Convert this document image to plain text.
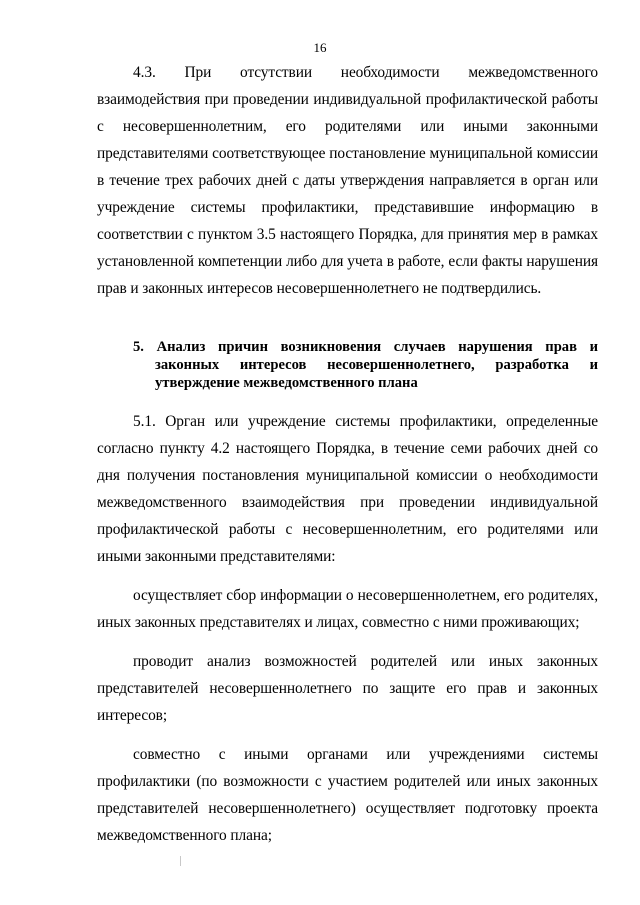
16

4.3. При отсутствии необходимости межведомственного взаимодействия при проведении индивидуальной профилактической работы с несовершеннолетним, его родителями или иными законными представителями соответствующее постановление муниципальной комиссии в течение трех рабочих дней с даты утверждения направляется в орган или учреждение системы профилактики, представившие информацию в соответствии с пунктом 3.5 настоящего Порядка, для принятия мер в рамках установленной компетенции либо для учета в работе, если факты нарушения прав и законных интересов несовершеннолетнего не подтвердились.

5. Анализ причин возникновения случаев нарушения прав и законных интересов несовершеннолетнего, разработка и утверждение межведомственного плана

5.1. Орган или учреждение системы профилактики, определенные согласно пункту 4.2 настоящего Порядка, в течение семи рабочих дней со дня получения постановления муниципальной комиссии о необходимости межведомственного взаимодействия при проведении индивидуальной профилактической работы с несовершеннолетним, его родителями или иными законными представителями:

осуществляет сбор информации о несовершеннолетнем, его родителях, иных законных представителях и лицах, совместно с ними проживающих;

проводит анализ возможностей родителей или иных законных представителей несовершеннолетнего по защите его прав и законных интересов;

совместно с иными органами или учреждениями системы профилактики (по возможности с участием родителей или иных законных представителей несовершеннолетнего) осуществляет подготовку проекта межведомственного плана;
